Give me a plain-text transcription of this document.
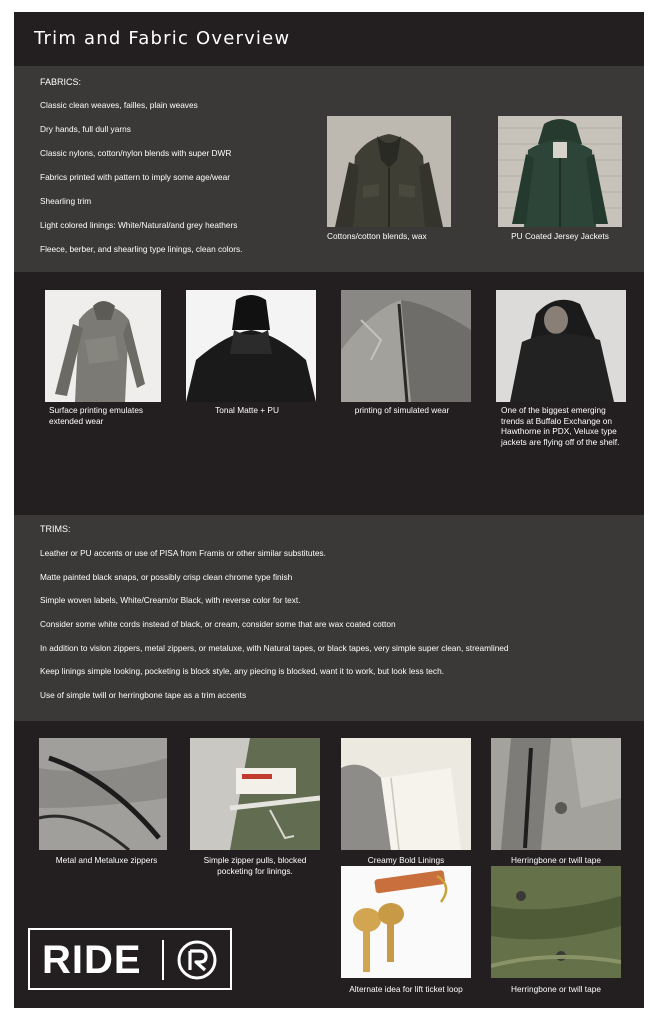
Trim and Fabric Overview
FABRICS:
Classic clean weaves, failles, plain weaves
Dry hands, full dull yarns
Classic nylons, cotton/nylon blends with super DWR
Fabrics printed with pattern to imply some age/wear
Shearling trim
Light colored linings: White/Natural/and grey heathers
Fleece, berber, and shearling type linings, clean colors.
Cottons/cotton blends, wax	PU Coated Jersey Jackets
Surface printing emulates extended wear
Tonal Matte + PU	printing of simulated wear	One of the biggest emerging trends at Buffalo Exchange on Hawthorne in PDX, Veluxe type jackets are flying off of the shelf.
TRIMS:
Leather or PU accents or use of PISA from Framis or other similar substitutes.
Matte painted black snaps, or possibly crisp clean chrome type finish
Simple woven labels, White/Cream/or Black, with reverse color for text.
Consider some white cords instead of black, or cream, consider some that are wax coated cotton
In addition to vislon zippers, metal zippers, or metaluxe, with Natural tapes, or black tapes, very simple super clean, streamlined
Keep linings simple looking, pocketing is block style, any piecing is blocked, want it to work, but look less tech.
Use of simple twill or herringbone tape as a trim accents
Metal and Metaluxe zippers	Simple zipper pulls, blocked pocketing for linings.
Creamy Bold Linings	Herringbone or twill tape
Alternate idea for lift ticket loop	Herringbone or twill tape
RIDE
